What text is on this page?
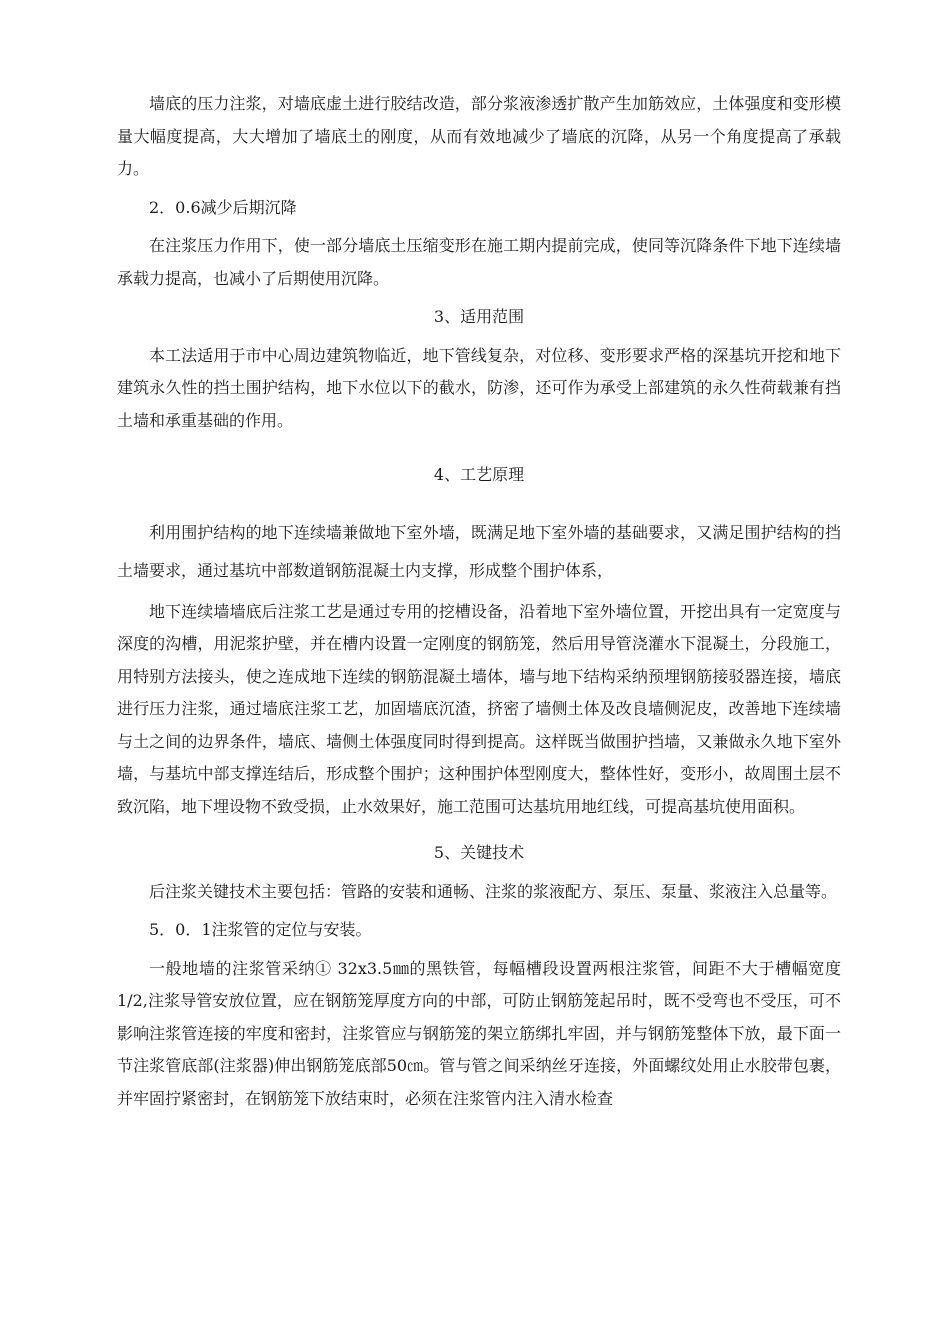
墙底的压力注浆，对墙底虚土进行胶结改造，部分浆液渗透扩散产生加筋效应，土体强度和变形模量大幅度提高，大大增加了墙底土的刚度，从而有效地减少了墙底的沉降，从另一个角度提高了承载力。

2．0.6减少后期沉降

在注浆压力作用下，使一部分墙底土压缩变形在施工期内提前完成，使同等沉降条件下地下连续墙承载力提高，也减小了后期使用沉降。

3、适用范围

本工法适用于市中心周边建筑物临近，地下管线复杂，对位移、变形要求严格的深基坑开挖和地下建筑永久性的挡土围护结构，地下水位以下的截水，防渗，还可作为承受上部建筑的永久性荷载兼有挡土墙和承重基础的作用。

4、工艺原理

利用围护结构的地下连续墙兼做地下室外墙，既满足地下室外墙的基础要求，又满足围护结构的挡土墙要求，通过基坑中部数道钢筋混凝土内支撑，形成整个围护体系，

地下连续墙墙底后注浆工艺是通过专用的挖槽设备，沿着地下室外墙位置，开挖出具有一定宽度与深度的沟槽，用泥浆护壁，并在槽内设置一定刚度的钢筋笼，然后用导管浇灌水下混凝土，分段施工，用特别方法接头，使之连成地下连续的钢筋混凝土墙体，墙与地下结构采纳预埋钢筋接驳器连接，墙底进行压力注浆，通过墙底注浆工艺，加固墙底沉渣，挤密了墙侧土体及改良墙侧泥皮，改善地下连续墙与土之间的边界条件，墙底、墙侧土体强度同时得到提高。这样既当做围护挡墙，又兼做永久地下室外墙，与基坑中部支撑连结后，形成整个围护；这种围护体型刚度大，整体性好，变形小，故周围土层不致沉陷，地下埋设物不致受损，止水效果好，施工范围可达基坑用地红线，可提高基坑使用面积。

5、关键技术

后注浆关键技术主要包括：管路的安装和通畅、注浆的浆液配方、泵压、泵量、浆液注入总量等。

5．0．1注浆管的定位与安装。

一般地墙的注浆管采纳① 32x3.5㎜的黑铁管，每幅槽段设置两根注浆管，间距不大于槽幅宽度1/2,注浆导管安放位置，应在钢筋笼厚度方向的中部，可防止钢筋笼起吊时，既不受弯也不受压，可不影响注浆管连接的牢度和密封，注浆管应与钢筋笼的架立筋绑扎牢固，并与钢筋笼整体下放，最下面一节注浆管底部(注浆器)伸出钢筋笼底部50㎝。管与管之间采纳丝牙连接，外面螺纹处用止水胶带包裹，并牢固拧紧密封，在钢筋笼下放结束时，必须在注浆管内注入清水检查
